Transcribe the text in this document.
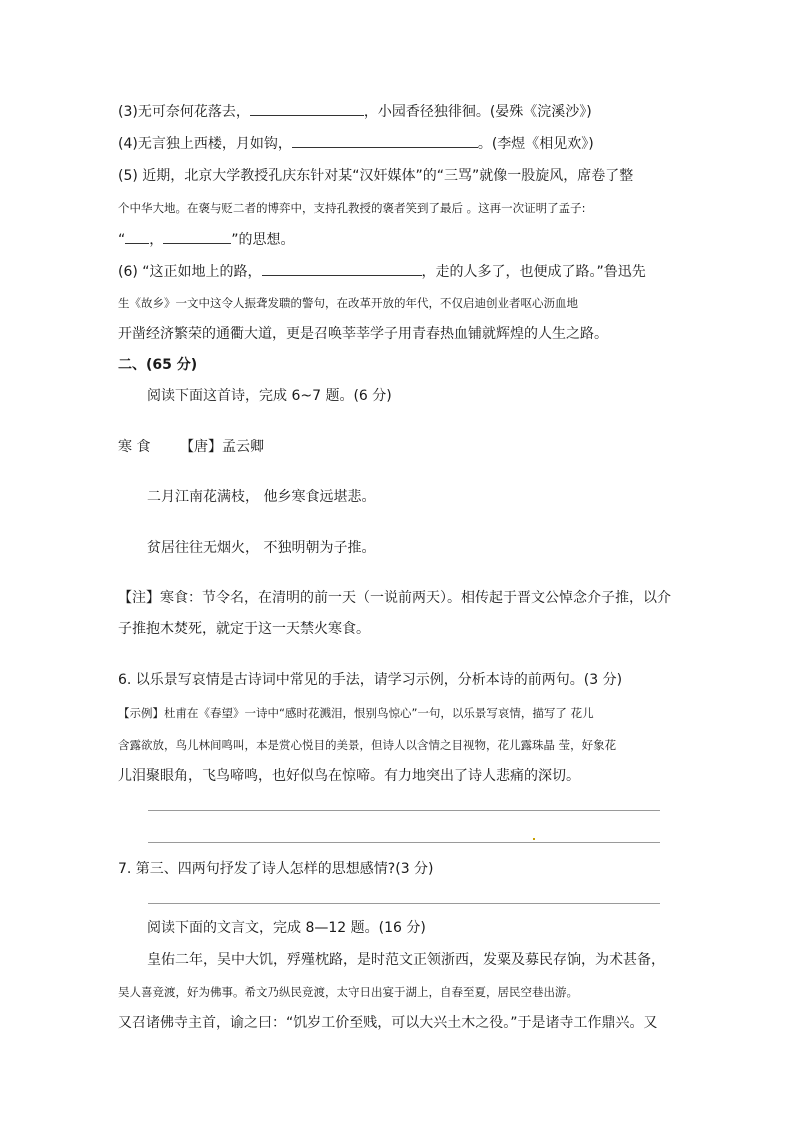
(3)无可奈何花落去，	，小园香径独徘徊。(晏殊《浣溪沙》)
(4)无言独上西楼，月如钩，	。(李煜《相见欢》)
(5) 近期，北京大学教授孔庆东针对某“汉奸媒体”的“三骂”就像一股旋风，席卷了整
个中华大地。在褒与贬二者的博弈中，支持孔教授的褒者笑到了最后 。这再一次证明了孟子:
“ ，	”的思想。
(6) “这正如地上的路，	，走的人多了，也便成了路。”鲁迅先
生《故乡》一文中这令人振聋发聩的警句，在改革开放的年代，不仅启迪创业者呕心沥血地
开凿经济繁荣的通衢大道，更是召唤莘莘学子用青春热血铺就辉煌的人生之路。
二、(65 分)
阅读下面这首诗，完成 6~7 题。(6 分)
寒 食 【唐】孟云卿
二月江南花满枝， 他乡寒食远堪悲。
贫居往往无烟火， 不独明朝为子推。
【注】寒食：节令名，在清明的前一天（一说前两天）。相传起于晋文公悼念介子推，以介
子推抱木焚死，就定于这一天禁火寒食。
6. 以乐景写哀情是古诗词中常见的手法，请学习示例，分析本诗的前两句。(3 分)
【示例】杜甫在《春望》一诗中“感时花溅泪，恨别鸟惊心”一句，以乐景写哀情，描写了 花儿
含露欲放，鸟儿林间鸣叫，本是赏心悦目的美景，但诗人以含情之目视物，花儿露珠晶 莹，好象花
儿泪聚眼角，飞鸟啼鸣，也好似鸟在惊啼。有力地突出了诗人悲痛的深切。
7. 第三、四两句抒发了诗人怎样的思想感情?(3 分)
阅读下面的文言文，完成 8—12 题。(16 分)
皇佑二年，吴中大饥，殍殣枕路，是时范文正领浙西，发粟及募民存饷，为术甚备，
吴人喜竞渡，好为佛事。希文乃纵民竞渡，太守日出宴于湖上，自春至夏，居民空巷出游。
又召诸佛寺主首，谕之曰：“饥岁工价至贱，可以大兴土木之役。”于是诸寺工作鼎兴。又
